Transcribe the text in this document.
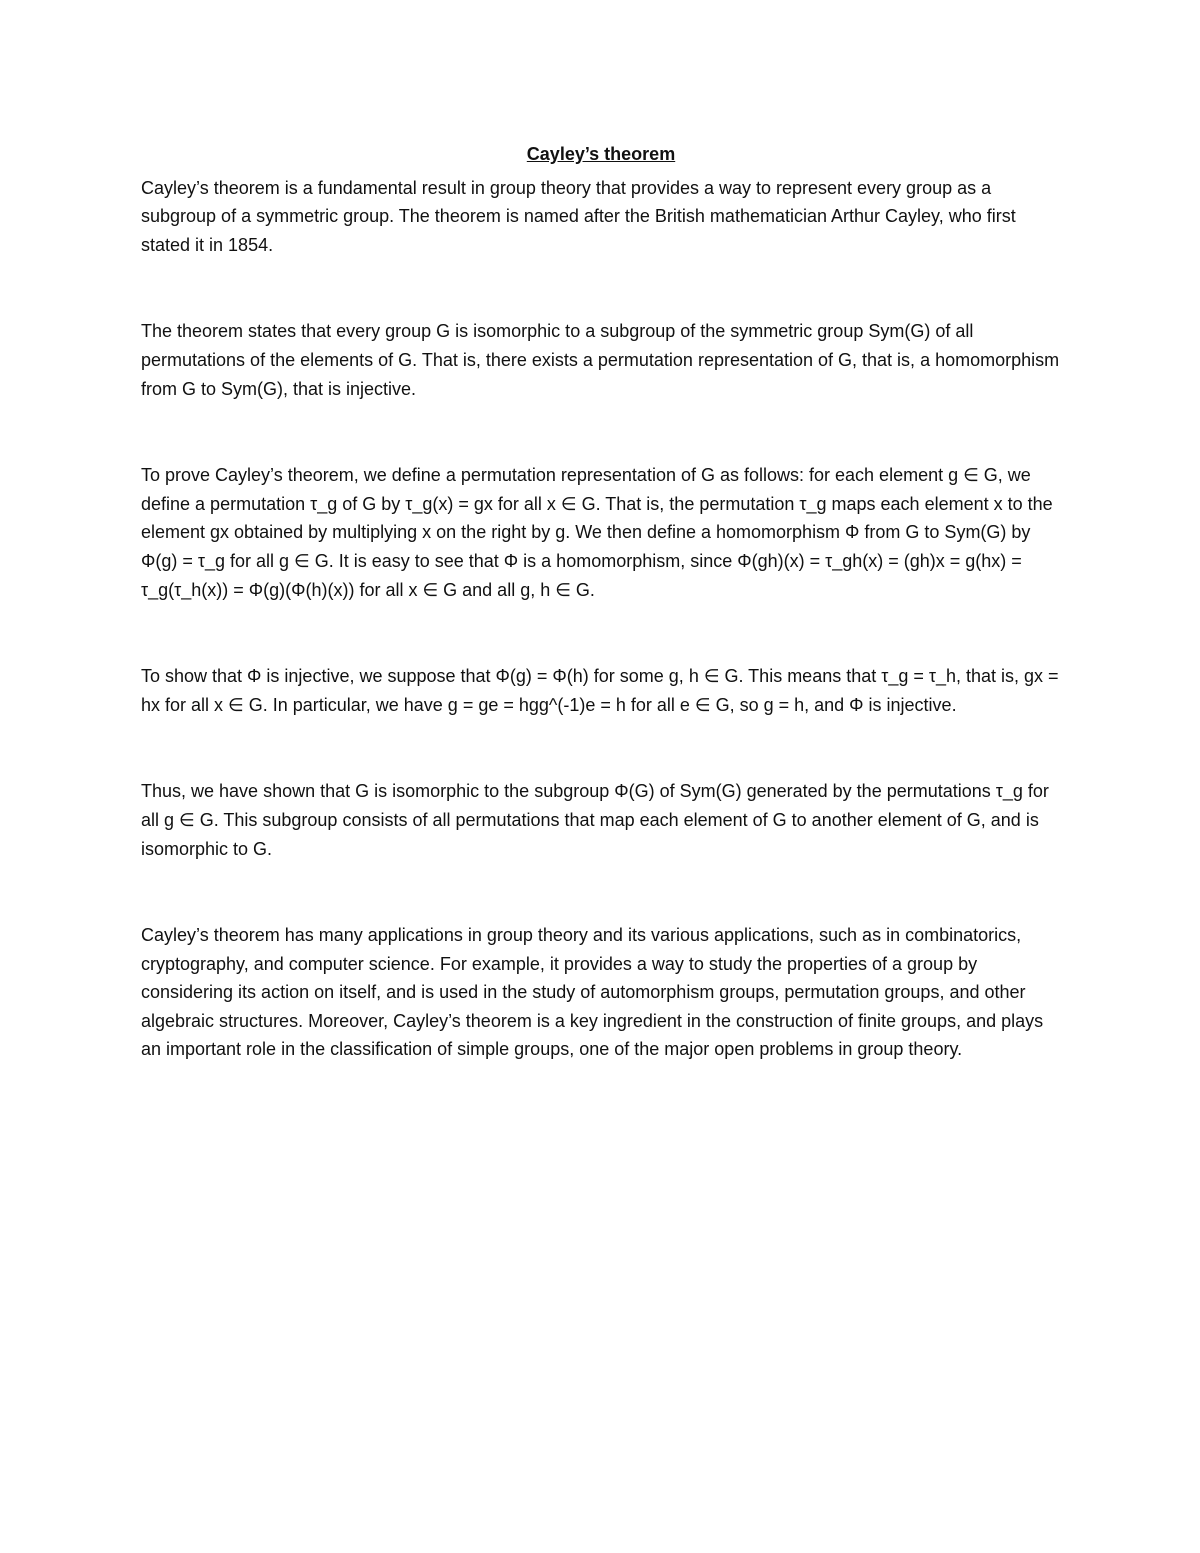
Cayley’s theorem

Cayley’s theorem is a fundamental result in group theory that provides a way to represent every group as a subgroup of a symmetric group. The theorem is named after the British mathematician Arthur Cayley, who first stated it in 1854.

The theorem states that every group G is isomorphic to a subgroup of the symmetric group Sym(G) of all permutations of the elements of G. That is, there exists a permutation representation of G, that is, a homomorphism from G to Sym(G), that is injective.

To prove Cayley’s theorem, we define a permutation representation of G as follows: for each element g ∈ G, we define a permutation τ_g of G by τ_g(x) = gx for all x ∈ G. That is, the permutation τ_g maps each element x to the element gx obtained by multiplying x on the right by g. We then define a homomorphism Φ from G to Sym(G) by Φ(g) = τ_g for all g ∈ G. It is easy to see that Φ is a homomorphism, since Φ(gh)(x) = τ_gh(x) = (gh)x = g(hx) = τ_g(τ_h(x)) = Φ(g)(Φ(h)(x)) for all x ∈ G and all g, h ∈ G.

To show that Φ is injective, we suppose that Φ(g) = Φ(h) for some g, h ∈ G. This means that τ_g = τ_h, that is, gx = hx for all x ∈ G. In particular, we have g = ge = hgg^(-1)e = h for all e ∈ G, so g = h, and Φ is injective.

Thus, we have shown that G is isomorphic to the subgroup Φ(G) of Sym(G) generated by the permutations τ_g for all g ∈ G. This subgroup consists of all permutations that map each element of G to another element of G, and is isomorphic to G.

Cayley’s theorem has many applications in group theory and its various applications, such as in combinatorics, cryptography, and computer science. For example, it provides a way to study the properties of a group by considering its action on itself, and is used in the study of automorphism groups, permutation groups, and other algebraic structures. Moreover, Cayley’s theorem is a key ingredient in the construction of finite groups, and plays an important role in the classification of simple groups, one of the major open problems in group theory.
